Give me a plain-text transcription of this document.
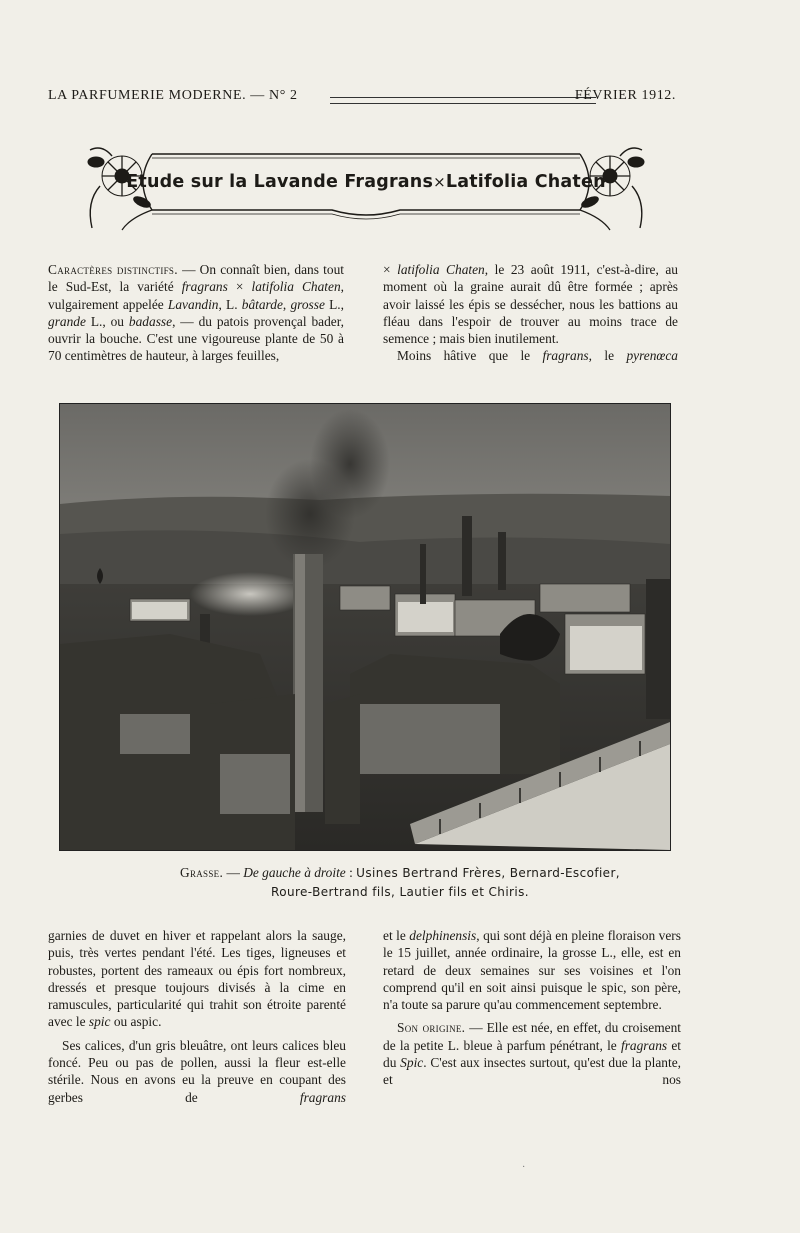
LA PARFUMERIE MODERNE. — N° 2	FÉVRIER 1912.
Etude sur la Lavande Fragrans×Latifolia Chaten

Caractères distinctifs. — On connaît bien, dans tout le Sud-Est, la variété fragrans × latifolia Chaten, vulgairement appelée Lavandin, L. bâtarde, grosse L., grande L., ou badasse, — du patois provençal bader, ouvrir la bouche. C'est une vigoureuse plante de 50 à 70 centimètres de hauteur, à larges feuilles,

× latifolia Chaten, le 23 août 1911, c'est-à-dire, au moment où la graine aurait dû être formée ; après avoir laissé les épis se dessécher, nous les battions au fléau dans l'espoir de trouver au moins trace de semence ; mais bien inutilement.

Moins hâtive que le fragrans, le pyrenœca

Grasse. — De gauche à droite : Usines Bertrand Frères, Bernard-Escofier,
Roure-Bertrand fils, Lautier fils et Chiris.

garnies de duvet en hiver et rappelant alors la sauge, puis, très vertes pendant l'été. Les tiges, ligneuses et robustes, portent des rameaux ou épis fort nombreux, dressés et presque toujours divisés à la cime en ramuscules, particularité qui trahit son étroite parenté avec le spic ou aspic.

Ses calices, d'un gris bleuâtre, ont leurs calices bleu foncé. Peu ou pas de pollen, aussi la fleur est-elle stérile. Nous en avons eu la preuve en coupant des gerbes de fragrans

et le delphinensis, qui sont déjà en pleine floraison vers le 15 juillet, année ordinaire, la grosse L., elle, est en retard de deux semaines sur ses voisines et l'on comprend qu'il en soit ainsi puisque le spic, son père, n'a toute sa parure qu'au commencement septembre.

Son origine. — Elle est née, en effet, du croisement de la petite L. bleue à parfum pénétrant, le fragrans et du Spic. C'est aux insectes surtout, qu'est due la plante, et nos

·
